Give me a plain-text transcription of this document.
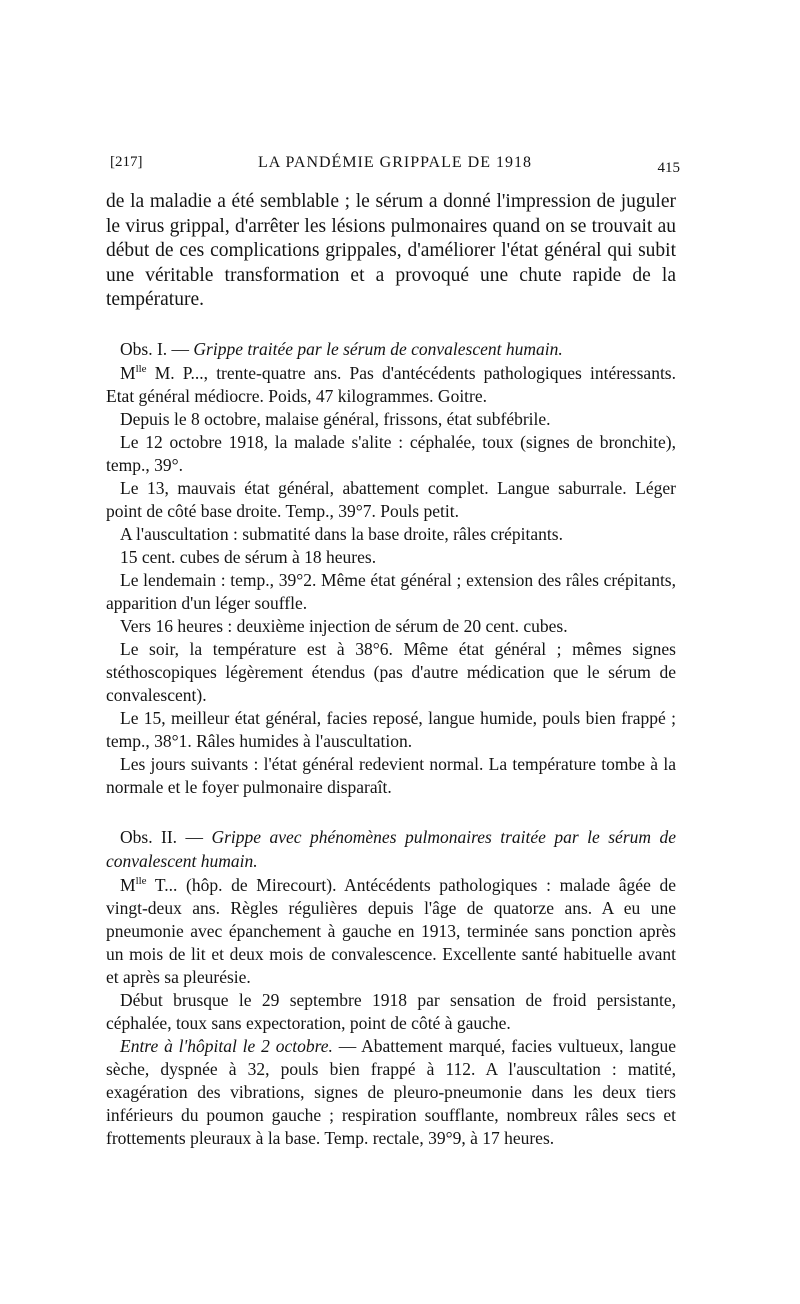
[217]	LA PANDÉMIE GRIPPALE DE 1918	415

de la maladie a été semblable ; le sérum a donné l'impression de juguler le virus grippal, d'arrêter les lésions pulmonaires quand on se trouvait au début de ces complications grippales, d'améliorer l'état général qui subit une véritable transformation et a provoqué une chute rapide de la température.

Obs. I. — Grippe traitée par le sérum de convalescent humain.

$M^{lle}$ M. P..., trente-quatre ans. Pas d'antécédents pathologiques intéressants. Etat général médiocre. Poids, 47 kilogrammes. Goitre.

Depuis le 8 octobre, malaise général, frissons, état subfébrile.

Le 12 octobre 1918, la malade s'alite : céphalée, toux (signes de bronchite), temp., 39°.

Le 13, mauvais état général, abattement complet. Langue saburrale. Léger point de côté base droite. Temp., 39°7. Pouls petit.

A l'auscultation : submatité dans la base droite, râles crépitants.

15 cent. cubes de sérum à 18 heures.

Le lendemain : temp., 39°2. Même état général ; extension des râles crépitants, apparition d'un léger souffle.

Vers 16 heures : deuxième injection de sérum de 20 cent. cubes.

Le soir, la température est à 38°6. Même état général ; mêmes signes stéthoscopiques légèrement étendus (pas d'autre médication que le sérum de convalescent).

Le 15, meilleur état général, facies reposé, langue humide, pouls bien frappé ; temp., 38°1. Râles humides à l'auscultation.

Les jours suivants : l'état général redevient normal. La température tombe à la normale et le foyer pulmonaire disparaît.

Obs. II. — Grippe avec phénomènes pulmonaires traitée par le sérum de convalescent humain.

$M^{lle}$ T... (hôp. de Mirecourt). Antécédents pathologiques : malade âgée de vingt-deux ans. Règles régulières depuis l'âge de quatorze ans. A eu une pneumonie avec épanchement à gauche en 1913, terminée sans ponction après un mois de lit et deux mois de convalescence. Excellente santé habituelle avant et après sa pleurésie.

Début brusque le 29 septembre 1918 par sensation de froid persistante, céphalée, toux sans expectoration, point de côté à gauche.

Entre à l'hôpital le 2 octobre. — Abattement marqué, facies vultueux, langue sèche, dyspnée à 32, pouls bien frappé à 112. A l'auscultation : matité, exagération des vibrations, signes de pleuro-pneumonie dans les deux tiers inférieurs du poumon gauche ; respiration soufflante, nombreux râles secs et frottements pleuraux à la base. Temp. rectale, 39°9, à 17 heures.
